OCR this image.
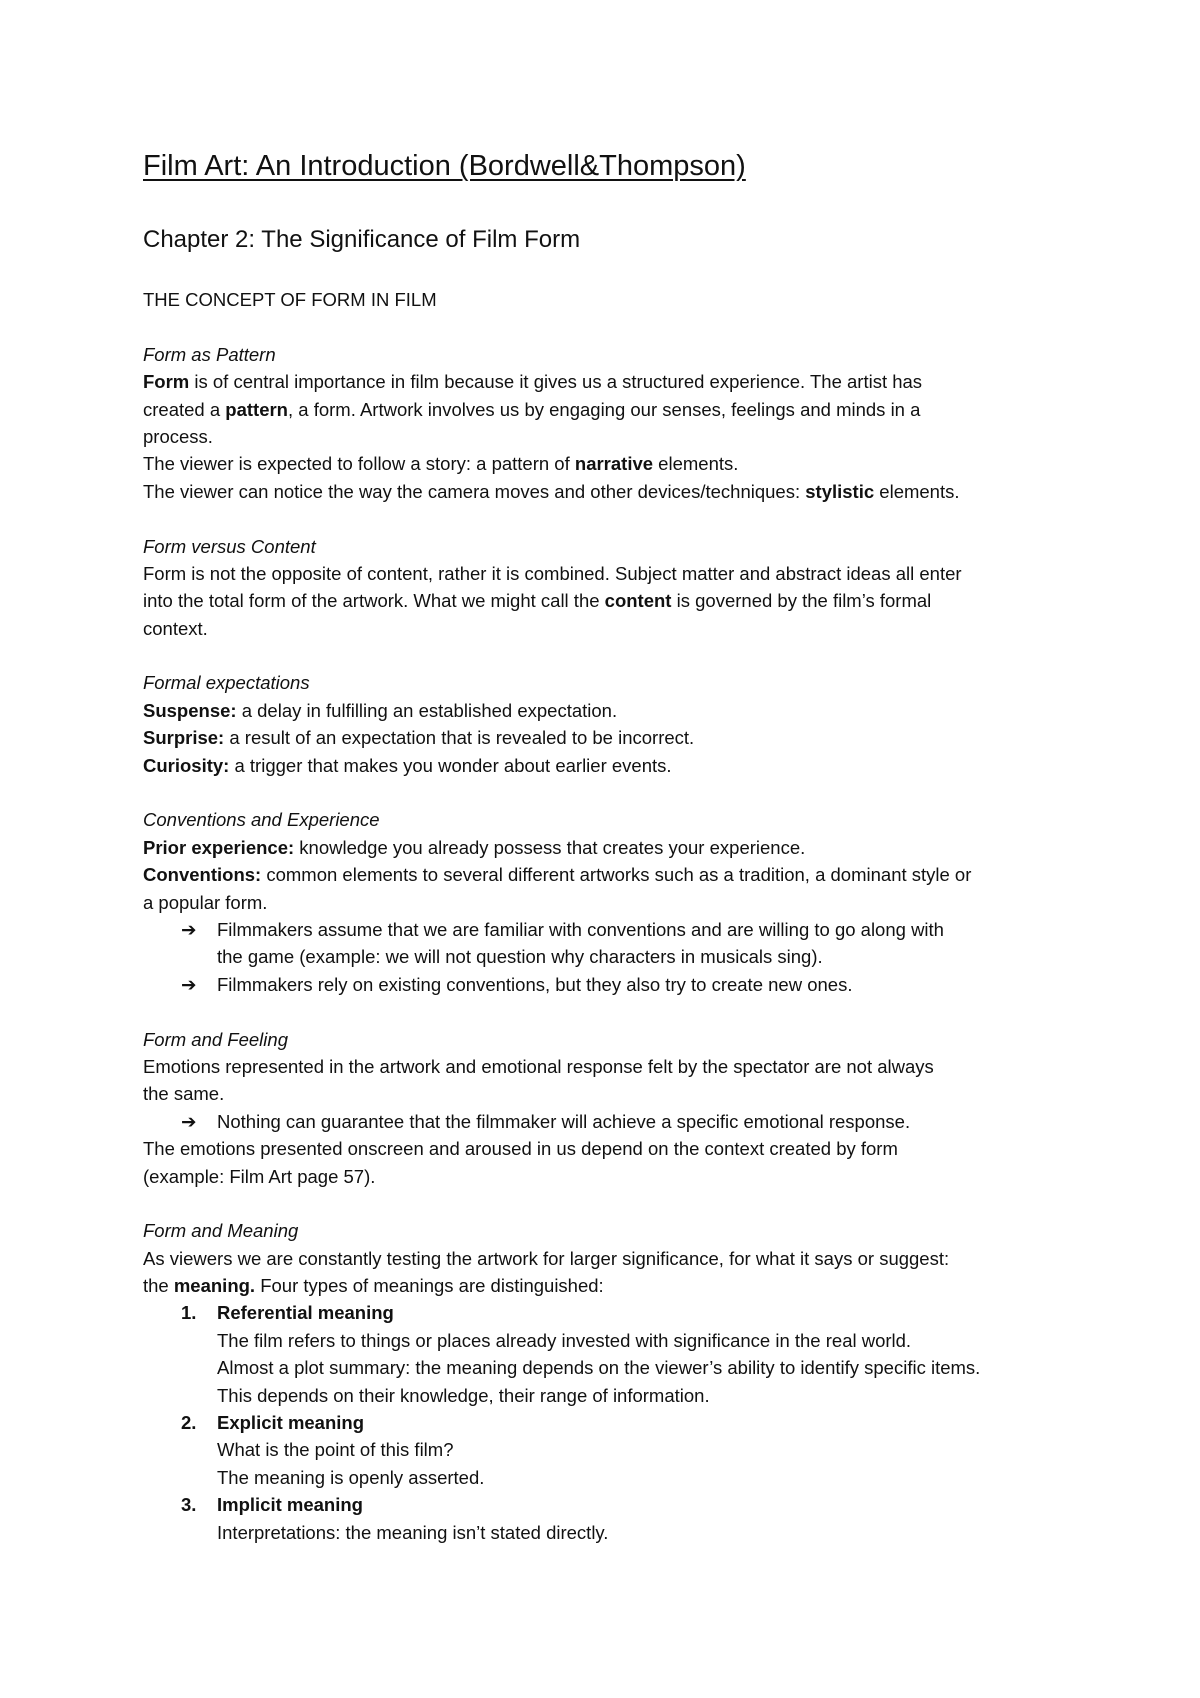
Film Art: An Introduction (Bordwell&Thompson)
Chapter 2: The Significance of Film Form
THE CONCEPT OF FORM IN FILM
Form as Pattern
Form is of central importance in film because it gives us a structured experience. The artist has
created a pattern, a form. Artwork involves us by engaging our senses, feelings and minds in a
process.
The viewer is expected to follow a story: a pattern of narrative elements.
The viewer can notice the way the camera moves and other devices/techniques: stylistic elements.
Form versus Content
Form is not the opposite of content, rather it is combined. Subject matter and abstract ideas all enter
into the total form of the artwork. What we might call the content is governed by the film’s formal
context.
Formal expectations
Suspense: a delay in fulfilling an established expectation.
Surprise: a result of an expectation that is revealed to be incorrect.
Curiosity: a trigger that makes you wonder about earlier events.
Conventions and Experience
Prior experience: knowledge you already possess that creates your experience.
Conventions: common elements to several different artworks such as a tradition, a dominant style or
a popular form.
➔ Filmmakers assume that we are familiar with conventions and are willing to go along with
the game (example: we will not question why characters in musicals sing).
➔ Filmmakers rely on existing conventions, but they also try to create new ones.
Form and Feeling
Emotions represented in the artwork and emotional response felt by the spectator are not always
the same.
➔ Nothing can guarantee that the filmmaker will achieve a specific emotional response.
The emotions presented onscreen and aroused in us depend on the context created by form
(example: Film Art page 57).
Form and Meaning
As viewers we are constantly testing the artwork for larger significance, for what it says or suggest:
the meaning. Four types of meanings are distinguished:
1. Referential meaning
The film refers to things or places already invested with significance in the real world.
Almost a plot summary: the meaning depends on the viewer’s ability to identify specific items.
This depends on their knowledge, their range of information.
2. Explicit meaning
What is the point of this film?
The meaning is openly asserted.
3. Implicit meaning
Interpretations: the meaning isn’t stated directly.
